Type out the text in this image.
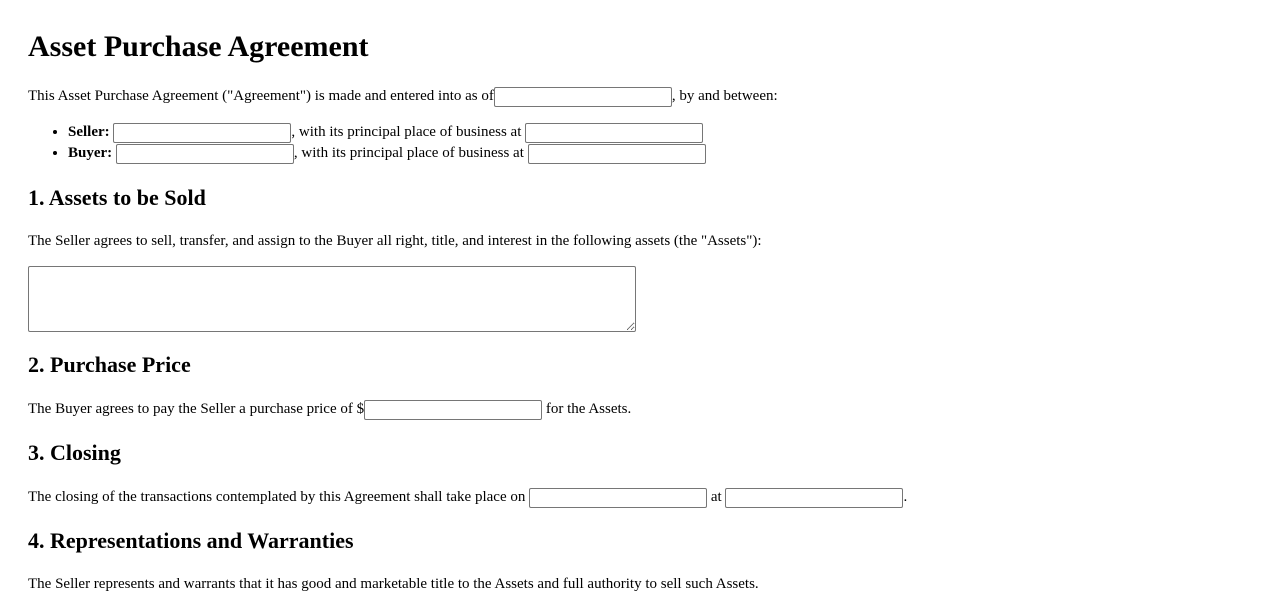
Asset Purchase Agreement
This Asset Purchase Agreement ("Agreement") is made and entered into as of	, by and between:
• Seller:	, with its principal place of business at
• Buyer:	, with its principal place of business at
1. Assets to be Sold
The Seller agrees to sell, transfer, and assign to the Buyer all right, title, and interest in the following assets (the "Assets"):
2. Purchase Price
The Buyer agrees to pay the Seller a purchase price of $	for the Assets.
3. Closing
The closing of the transactions contemplated by this Agreement shall take place on	at	.
4. Representations and Warranties
The Seller represents and warrants that it has good and marketable title to the Assets and full authority to sell such Assets.
